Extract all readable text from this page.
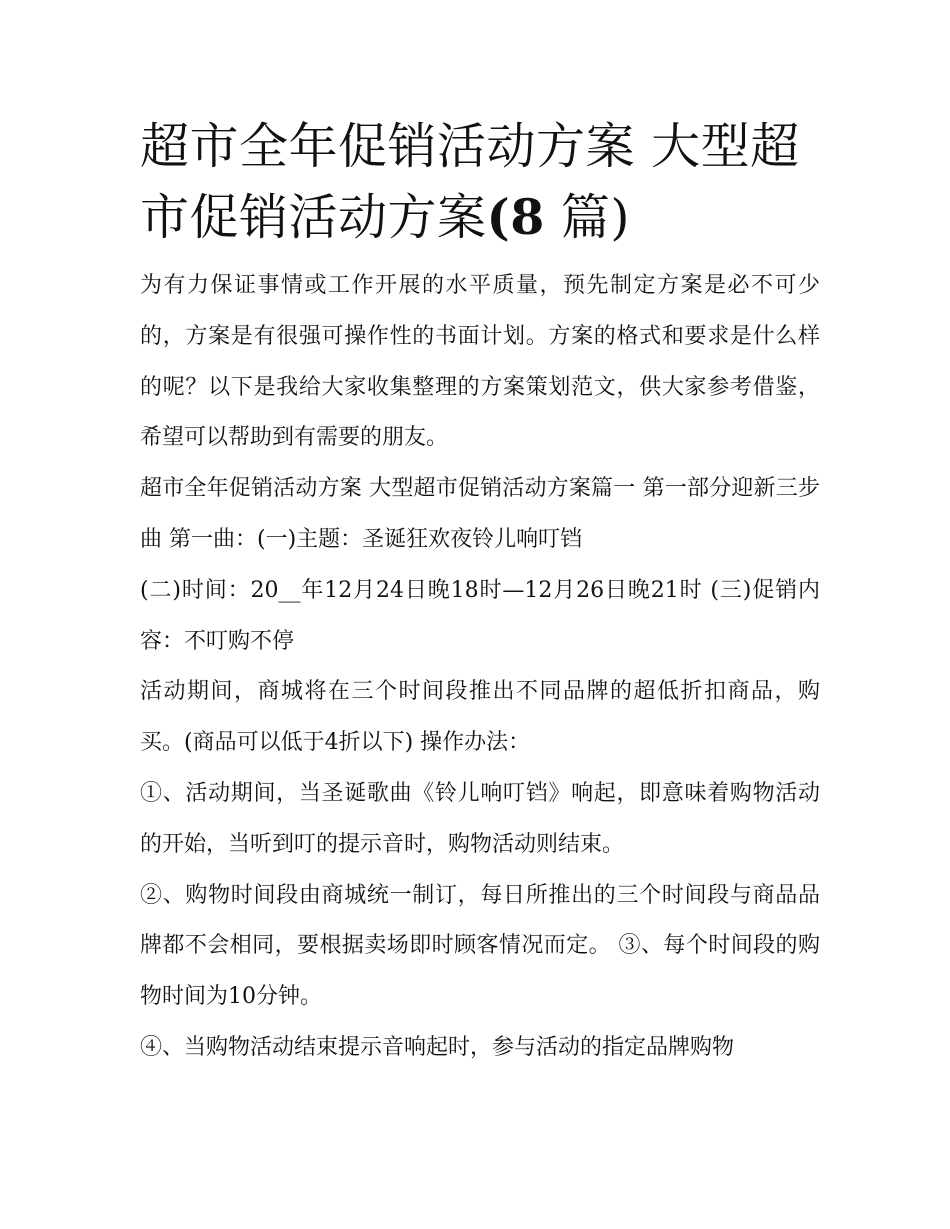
超市全年促销活动方案 大型超市促销活动方案(8 篇)

为有力保证事情或工作开展的水平质量，预先制定方案是必不可少的，方案是有很强可操作性的书面计划。方案的格式和要求是什么样的呢？以下是我给大家收集整理的方案策划范文，供大家参考借鉴，希望可以帮助到有需要的朋友。

超市全年促销活动方案 大型超市促销活动方案篇一 第一部分迎新三步曲 第一曲：(一)主题：圣诞狂欢夜铃儿响叮铛

(二)时间：20__年12月24日晚18时—12月26日晚21时 (三)促销内容：不叮购不停

活动期间，商城将在三个时间段推出不同品牌的超低折扣商品，购买。(商品可以低于4折以下) 操作办法：

①、活动期间，当圣诞歌曲《铃儿响叮铛》响起，即意味着购物活动的开始，当听到叮的提示音时，购物活动则结束。

②、购物时间段由商城统一制订，每日所推出的三个时间段与商品品牌都不会相同，要根据卖场即时顾客情况而定。 ③、每个时间段的购物时间为10分钟。

④、当购物活动结束提示音响起时，参与活动的指定品牌购物
